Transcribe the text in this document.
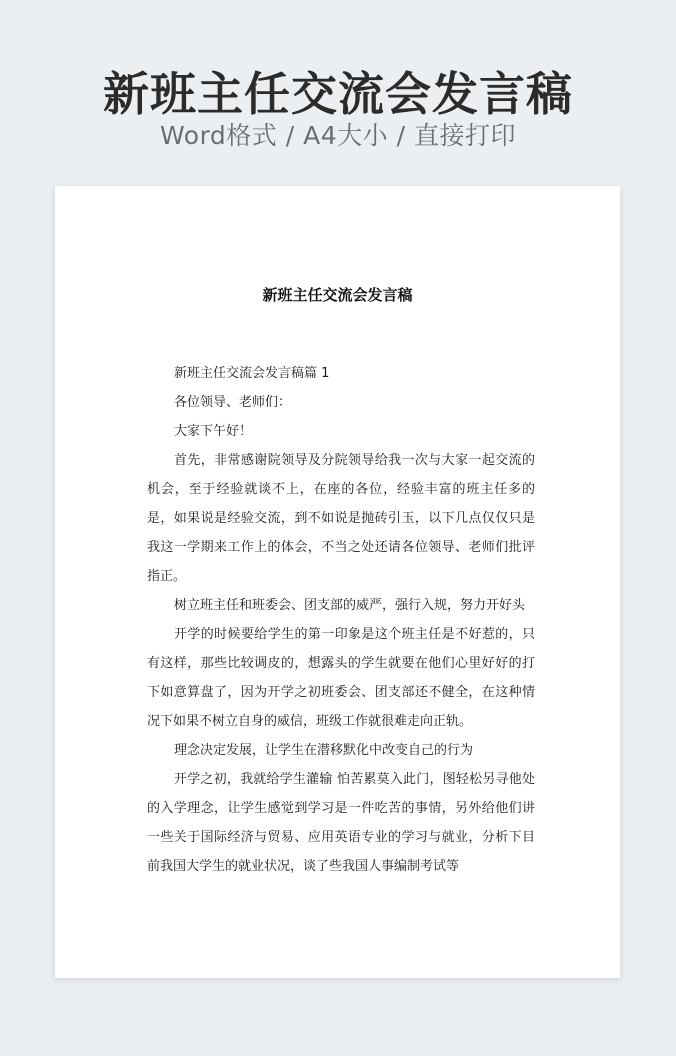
新班主任交流会发言稿
Word格式 / A4大小 / 直接打印
新班主任交流会发言稿

新班主任交流会发言稿篇 1

各位领导、老师们：

大家下午好！

首先，非常感谢院领导及分院领导给我一次与大家一起交流的机会，至于经验就谈不上，在座的各位，经验丰富的班主任多的是，如果说是经验交流，到不如说是抛砖引玉，以下几点仅仅只是我这一学期来工作上的体会，不当之处还请各位领导、老师们批评指正。

树立班主任和班委会、团支部的威严，强行入规，努力开好头

开学的时候要给学生的第一印象是这个班主任是不好惹的，只有这样，那些比较调皮的，想露头的学生就要在他们心里好好的打下如意算盘了，因为开学之初班委会、团支部还不健全，在这种情况下如果不树立自身的威信，班级工作就很难走向正轨。

理念决定发展，让学生在潜移默化中改变自己的行为

开学之初，我就给学生灌输 怕苦累莫入此门，图轻松另寻他处 的入学理念，让学生感觉到学习是一件吃苦的事情，另外给他们讲一些关于国际经济与贸易、应用英语专业的学习与就业，分析下目前我国大学生的就业状况，谈了些我国人事编制考试等
